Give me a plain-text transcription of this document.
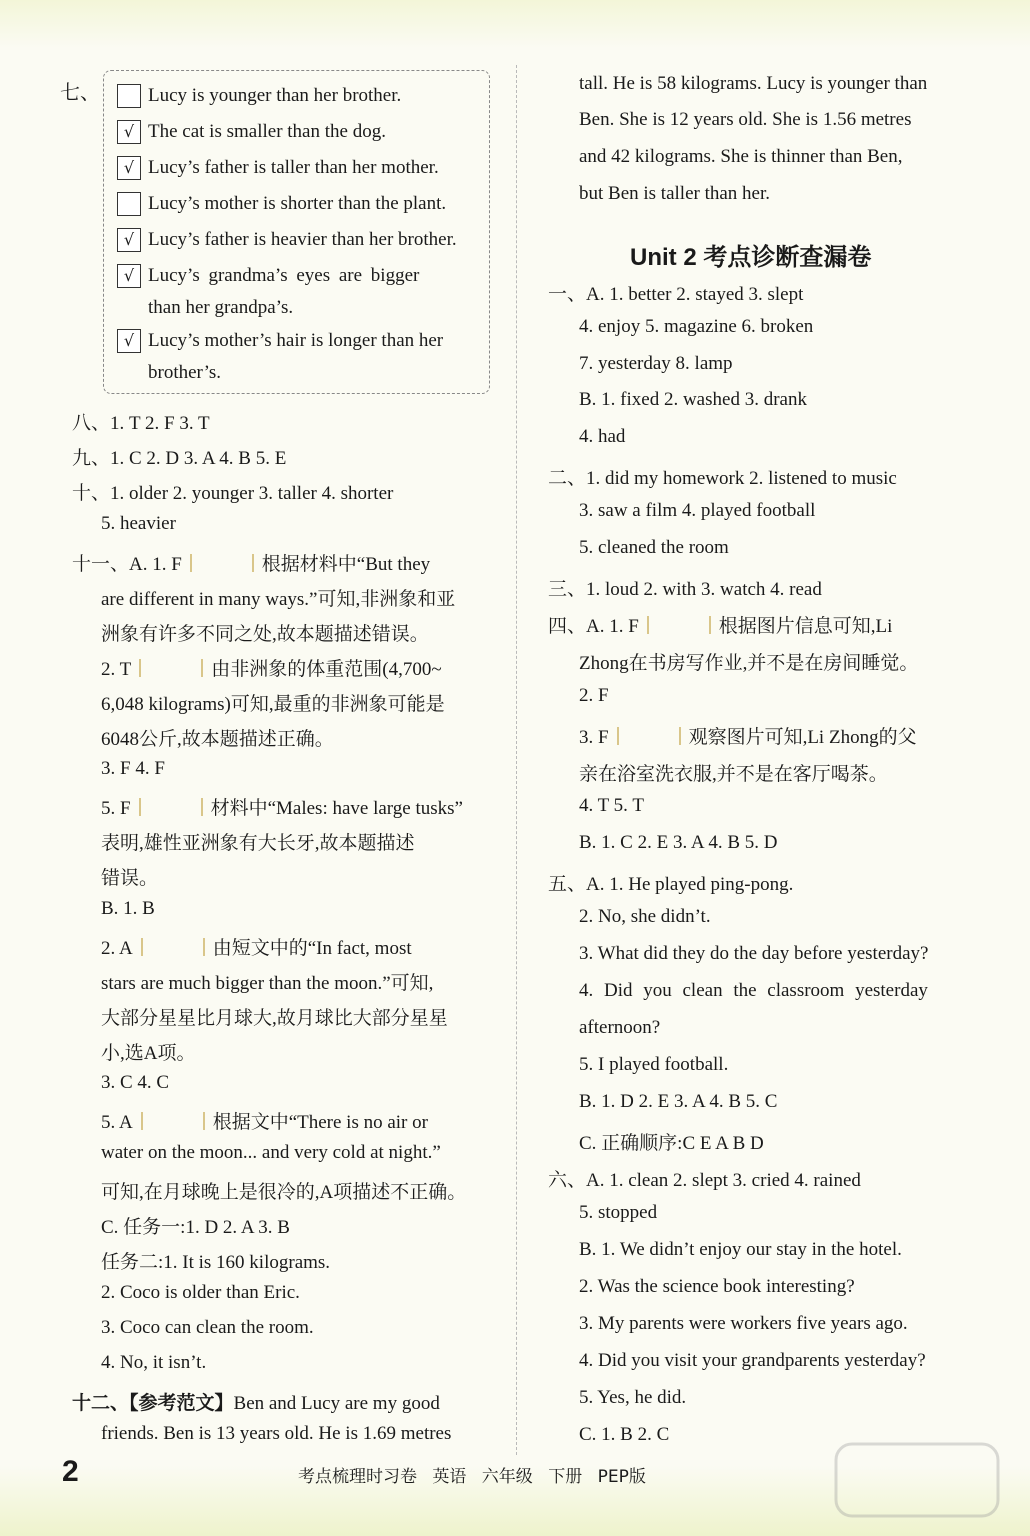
七、	Lucy is younger than her brother.
√ The cat is smaller than the dog.
√ Lucy’s father is taller than her mother.
Lucy’s mother is shorter than the plant.
√ Lucy’s father is heavier than her brother.
√ Lucy’s grandma’s eyes are bigger
than her grandpa’s.
√ Lucy’s mother’s hair is longer than her
brother’s.
八、1. T 2. F 3. T
九、1. C 2. D 3. A 4. B 5. E
十、1. older 2. younger 3. taller 4. shorter
5. heavier
十一、A. 1. F	根据材料中“But they
are different in many ways.”可知,非洲象和亚
洲象有许多不同之处,故本题描述错误。
2. T	由非洲象的体重范围(4,700~
6,048 kilograms)可知,最重的非洲象可能是
6048公斤,故本题描述正确。
3. F 4. F
5. F	材料中“Males: have large tusks”
表明,雄性亚洲象有大长牙,故本题描述
错误。
B. 1. B
2. A	由短文中的“In fact, most
stars are much bigger than the moon.”可知,
大部分星星比月球大,故月球比大部分星星
小,选A项。
3. C 4. C
5. A	根据文中“There is no air or
water on the moon... and very cold at night.”
可知,在月球晚上是很冷的,A项描述不正确。
C. 任务一:1. D 2. A 3. B
任务二:1. It is 160 kilograms.
2. Coco is older than Eric.
3. Coco can clean the room.
4. No, it isn’t.
十二、【参考范文】Ben and Lucy are my good
friends. Ben is 13 years old. He is 1.69 metres
tall. He is 58 kilograms. Lucy is younger than
Ben. She is 12 years old. She is 1.56 metres
and 42 kilograms. She is thinner than Ben,
but Ben is taller than her.
Unit 2 考点诊断查漏卷
一、A. 1. better 2. stayed 3. slept
4. enjoy 5. magazine 6. broken
7. yesterday 8. lamp
B. 1. fixed 2. washed 3. drank
4. had
二、1. did my homework 2. listened to music
3. saw a film 4. played football
5. cleaned the room
三、1. loud 2. with 3. watch 4. read
四、A. 1. F	根据图片信息可知,Li
Zhong在书房写作业,并不是在房间睡觉。
2. F
3. F	观察图片可知,Li Zhong的父
亲在浴室洗衣服,并不是在客厅喝茶。
4. T 5. T
B. 1. C 2. E 3. A 4. B 5. D
五、A. 1. He played ping-pong.
2. No, she didn’t.
3. What did they do the day before yesterday?
4. Did you clean the classroom yesterday
afternoon?
5. I played football.
B. 1. D 2. E 3. A 4. B 5. C
C. 正确顺序:C E A B D
六、A. 1. clean 2. slept 3. cried 4. rained
5. stopped
B. 1. We didn’t enjoy our stay in the hotel.
2. Was the science book interesting?
3. My parents were workers five years ago.
4. Did you visit your grandparents yesterday?
5. Yes, he did.
C. 1. B 2. C
2	考点梳理时习卷 英语 六年级 下册 PEP版
